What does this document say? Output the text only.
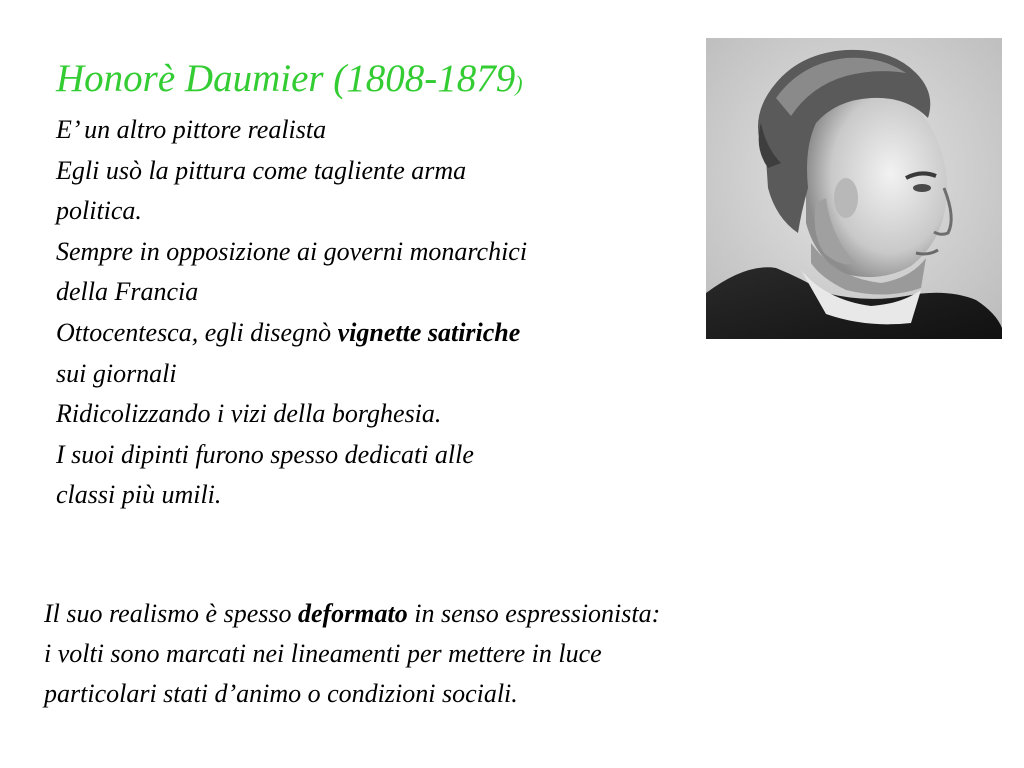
Honorè Daumier (1808-1879)
E’ un altro pittore realista
Egli usò la pittura come tagliente arma
politica.
Sempre in opposizione ai governi monarchici
della Francia
Ottocentesca, egli disegnò vignette satiriche
sui giornali
Ridicolizzando i vizi della borghesia.
I suoi dipinti furono spesso dedicati alle
classi più umili.
Il suo realismo è spesso deformato in senso espressionista:
i volti sono marcati nei lineamenti per mettere in luce
particolari stati d’animo o condizioni sociali.
